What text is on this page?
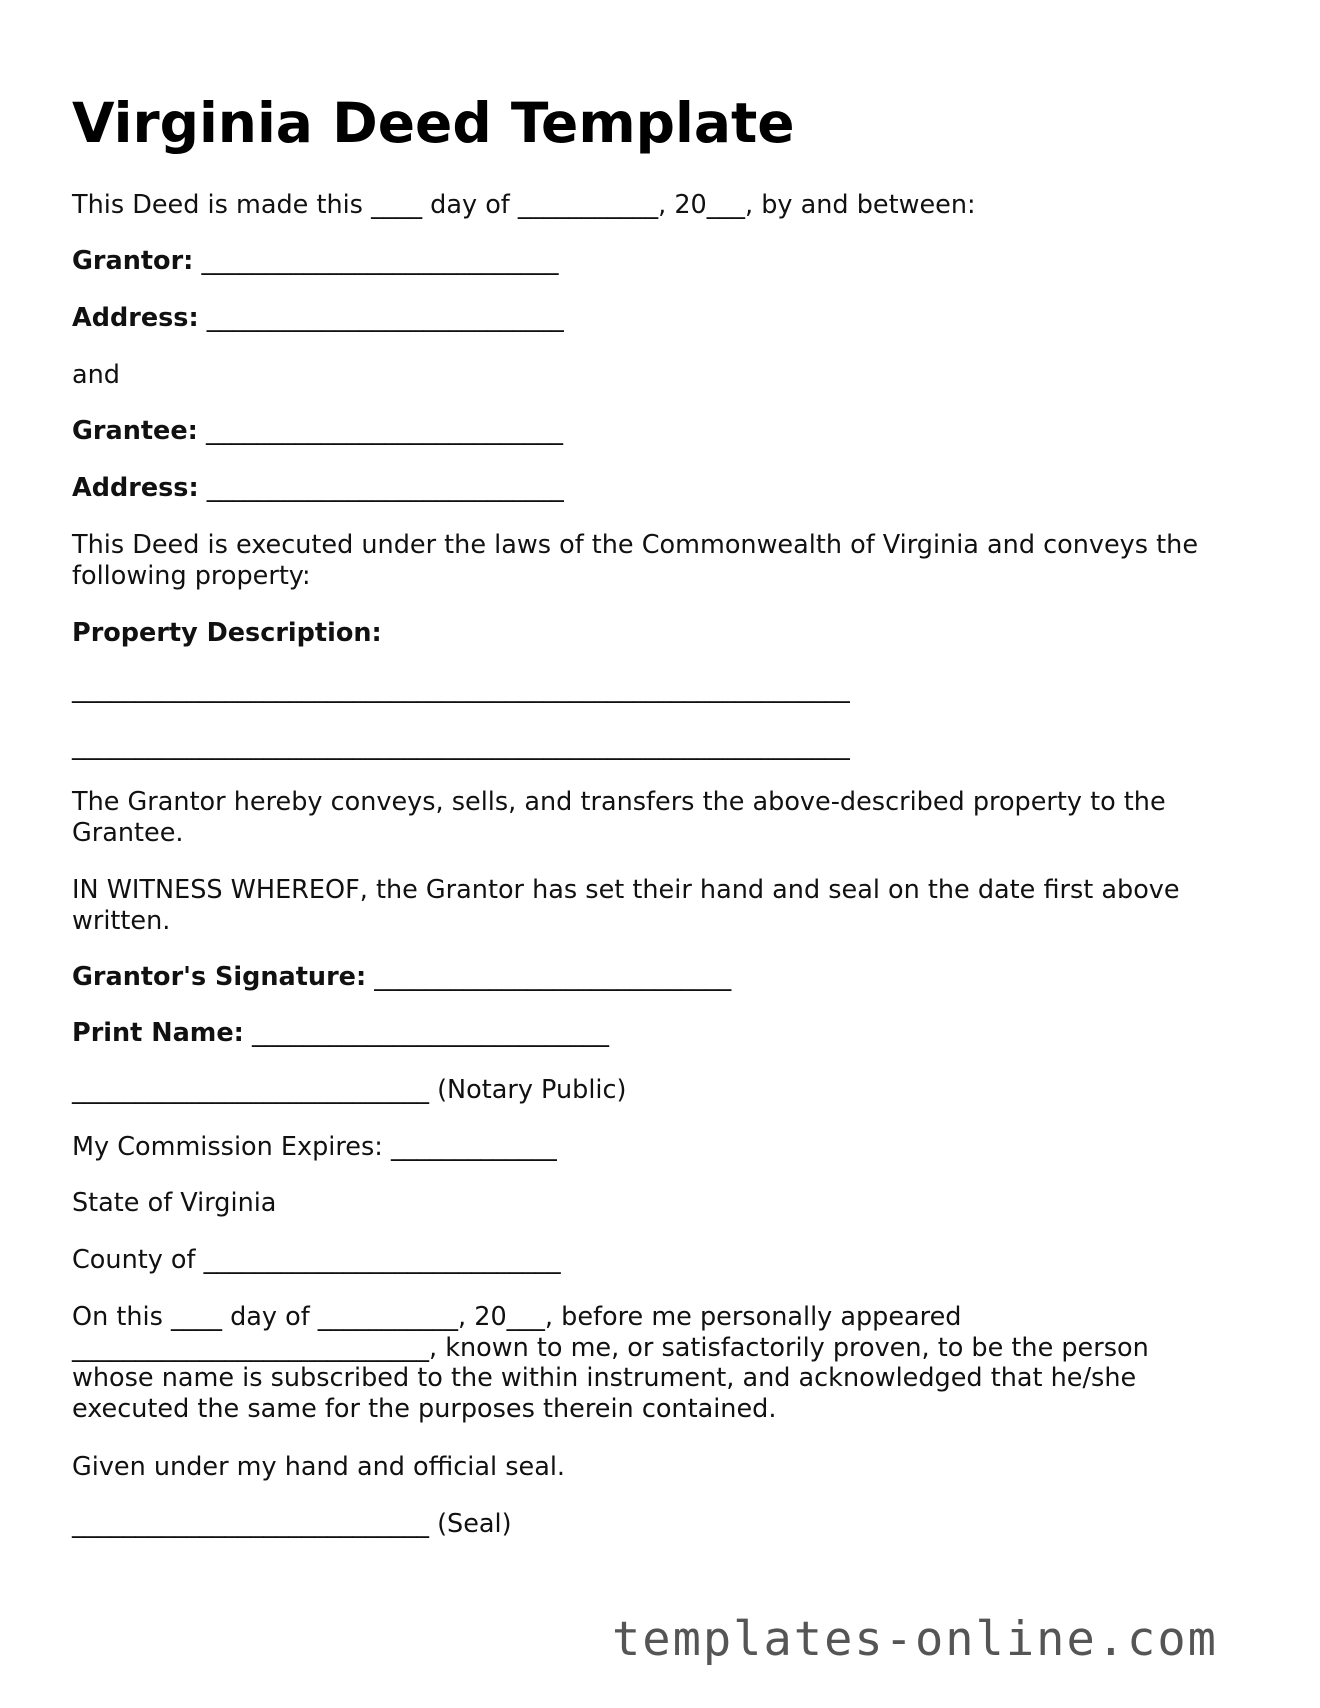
Virginia Deed Template

This Deed is made this ____ day of ___________, 20___, by and between:

Grantor: ____________________________

Address: ____________________________

and

Grantee: ____________________________

Address: ____________________________

This Deed is executed under the laws of the Commonwealth of Virginia and conveys the
following property:

Property Description:

_____________________________________________________________

_____________________________________________________________

The Grantor hereby conveys, sells, and transfers the above-described property to the
Grantee.

IN WITNESS WHEREOF, the Grantor has set their hand and seal on the date first above
written.

Grantor's Signature: ____________________________

Print Name: ____________________________

____________________________ (Notary Public)

My Commission Expires: _____________

State of Virginia

County of ____________________________

On this ____ day of ___________, 20___, before me personally appeared
____________________________, known to me, or satisfactorily proven, to be the person
whose name is subscribed to the within instrument, and acknowledged that he/she
executed the same for the purposes therein contained.

Given under my hand and official seal.

____________________________ (Seal)

templates-online.com
